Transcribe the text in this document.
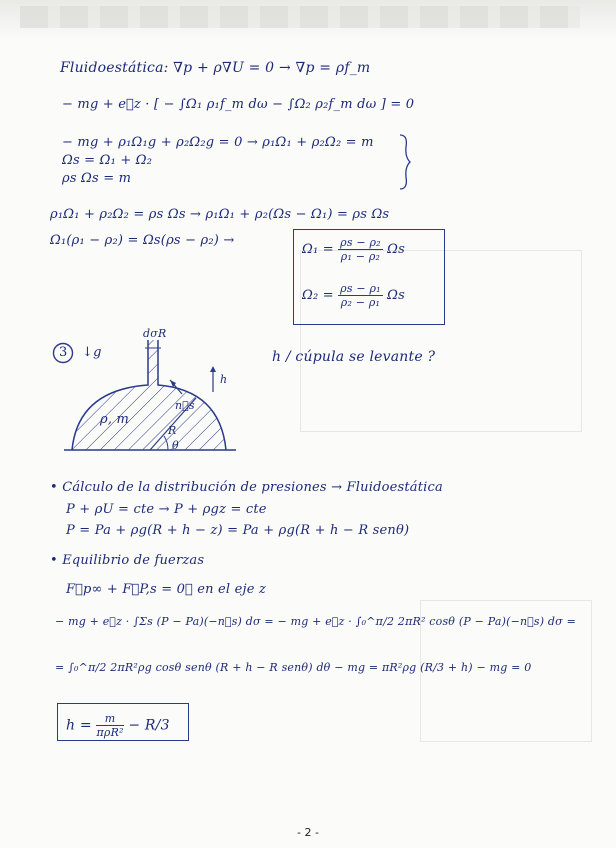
Fluidoestática: ∇p + ρ∇U = 0 → ∇p = ρf_m
− mg + e⃗z · [ − ∫Ω₁ ρ₁f_m dω − ∫Ω₂ ρ₂f_m dω ] = 0
− mg + ρ₁Ω₁g + ρ₂Ω₂g = 0 → ρ₁Ω₁ + ρ₂Ω₂ = m
Ωs = Ω₁ + Ω₂
ρs Ωs = m
ρ₁Ω₁ + ρ₂Ω₂ = ρs Ωs → ρ₁Ω₁ + ρ₂(Ωs − Ω₁) = ρs Ωs
Ω₁(ρ₁ − ρ₂) = Ωs(ρs − ρ₂) →
$\Omega_1 = \frac{\text{ρs − ρ₂}}{\text{ρ₁ − ρ₂}}$ Ωs
$\Omega_2 = \frac{\text{ρs − ρ₁}}{\text{ρ₂ − ρ₁}}$ Ωs
3 ↓g	h / cúpula se levante ?
dσR
ρ, m
n⃗s
R
θ
h
• Cálculo de la distribución de presiones → Fluidoestática
P + ρU = cte → P + ρgz = cte
P = Pa + ρg(R + h − z) = Pa + ρg(R + h − R senθ)
• Equilibrio de fuerzas
F⃗p∞ + F⃗P,s = 0⃗ en el eje z
− mg + e⃗z · ∫Σs (P − Pa)(−n⃗s) dσ = − mg + e⃗z · ∫₀^π/2 2πR² cosθ (P − Pa)(−n⃗s) dσ =
= ∫₀^π/2 2πR²ρg cosθ senθ (R + h − R senθ) dθ − mg = πR²ρg (R/3 + h) − mg = 0
$h = \frac{m}{\text{πρR²}} - R/3$
- 2 -
